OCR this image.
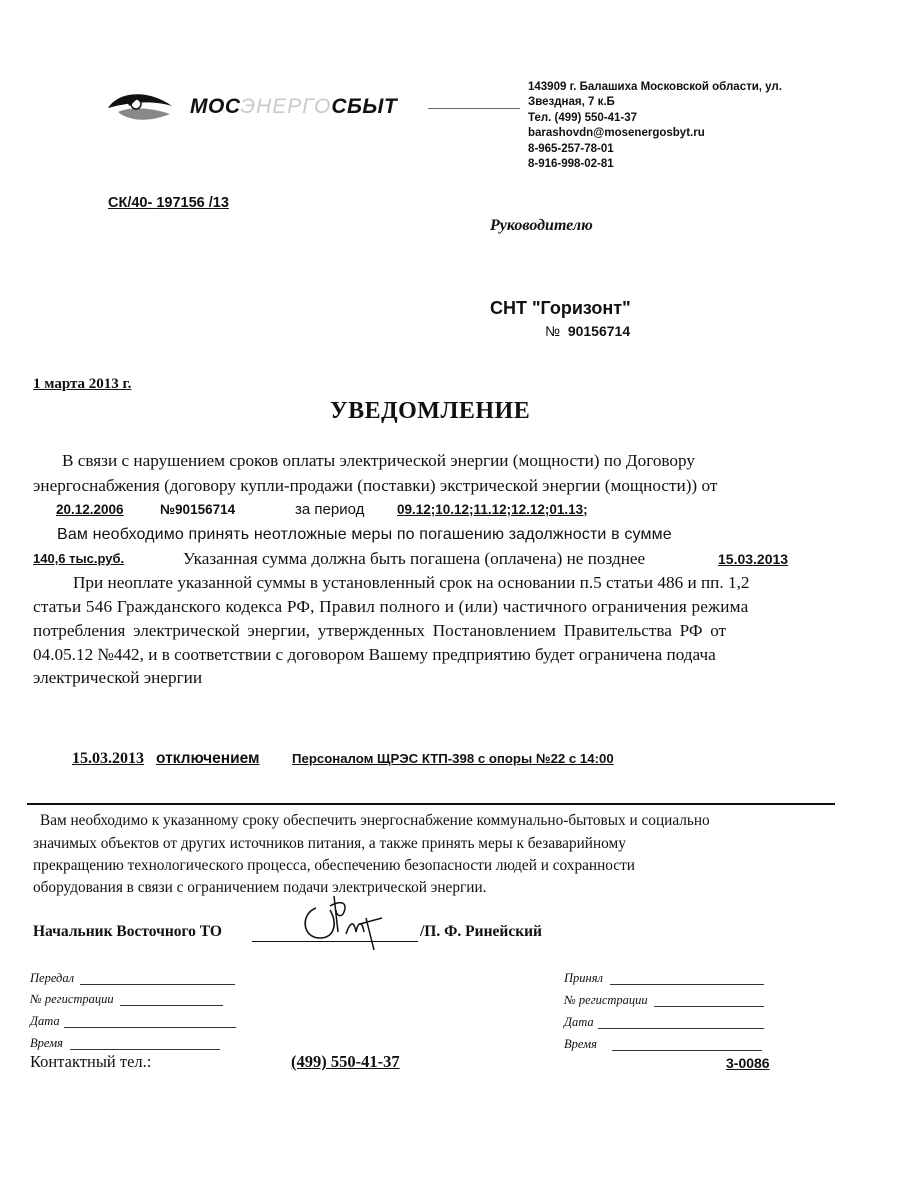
МОСЭНЕРГОСБЫТ
143909 г. Балашиха Московской области, ул.
Звездная, 7 к.Б
Тел. (499) 550-41-37
barashovdn@mosenergosbyt.ru
8-965-257-78-01
8-916-998-02-81
СК/40- 197156 /13
Руководителю
СНТ "Горизонт"
№ 90156714
1 марта 2013 г.
УВЕДОМЛЕНИЕ
В связи с нарушением сроков оплаты электрической энергии (мощности) по Договору
энергоснабжения (договору купли-продажи (поставки) экстрической энергии (мощности)) от
20.12.2006	№90156714	за период 09.12;10.12;11.12;12.12;01.13;
Вам необходимо принять неотложные меры по погашению задолжности в сумме
140,6 тыс.руб.	Указанная сумма должна быть погашена (оплачена) не позднее	15.03.2013
При неоплате указанной суммы в установленный срок на основании п.5 статьи 486 и пп. 1,2
статьи 546 Гражданского кодекса РФ, Правил полного и (или) частичного ограничения режима
потребления электрической энергии, утвержденных Постановлением Правительства РФ от
04.05.12 №442, и в соответствии с договором Вашему предприятию будет ограничена подача
электрической энергии
15.03.2013 отключением Персоналом ЩРЭС КТП-398 с опоры №22 с 14:00
Вам необходимо к указанному сроку обеспечить энергоснабжение коммунально-бытовых и социально
значимых объектов от других источников питания, а также принять меры к безаварийному
прекращению технологического процесса, обеспечению безопасности людей и сохранности
оборудования в связи с ограничением подачи электрической энергии.
Начальник Восточного ТО	/П. Ф. Ринейский
Передал
№ регистрации
Дата
Время
Принял
№ регистрации
Дата
Время
Контактный тел.:	(499) 550-41-37	3-0086
